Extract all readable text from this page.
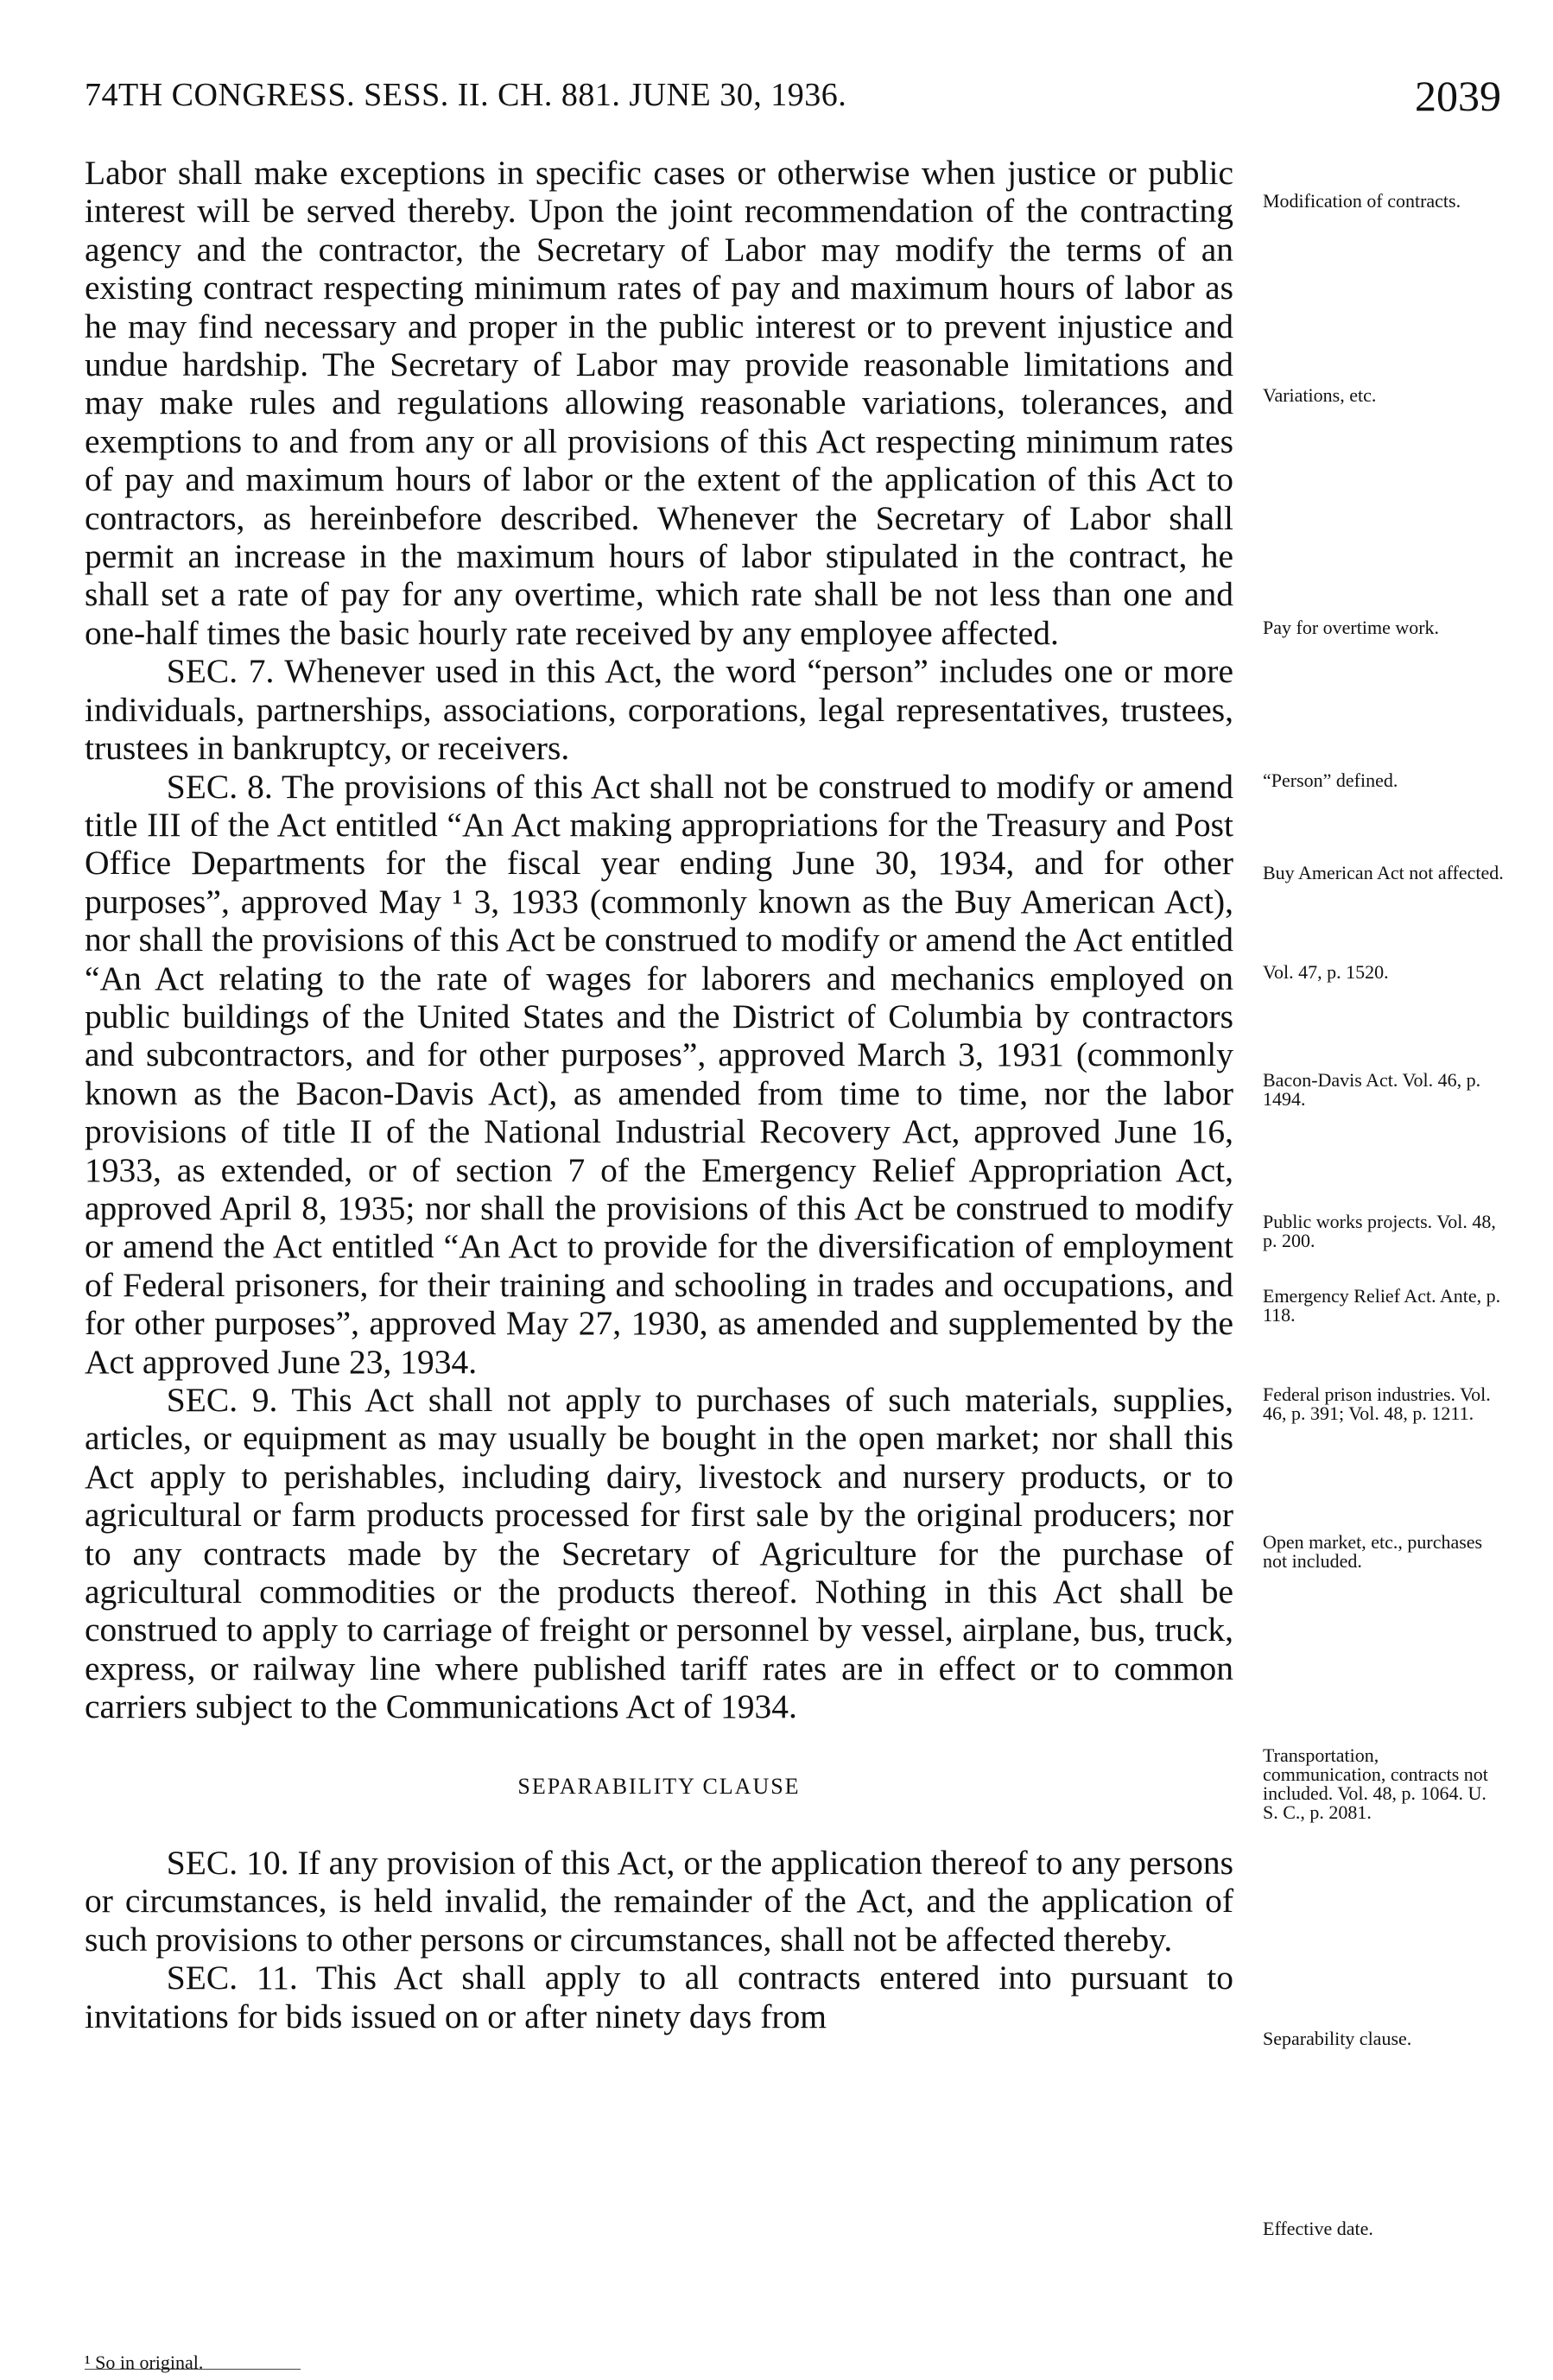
74TH CONGRESS. SESS. II. CH. 881. JUNE 30, 1936.	2039

Labor shall make exceptions in specific cases or otherwise when justice or public interest will be served thereby. Upon the joint recommendation of the contracting agency and the contractor, the Secretary of Labor may modify the terms of an existing contract respecting minimum rates of pay and maximum hours of labor as he may find necessary and proper in the public interest or to prevent injustice and undue hardship. The Secretary of Labor may provide reasonable limitations and may make rules and regulations allowing reasonable variations, tolerances, and exemptions to and from any or all provisions of this Act respecting minimum rates of pay and maximum hours of labor or the extent of the application of this Act to contractors, as hereinbefore described. Whenever the Secretary of Labor shall permit an increase in the maximum hours of labor stipulated in the contract, he shall set a rate of pay for any overtime, which rate shall be not less than one and one-half times the basic hourly rate received by any employee affected.

SEC. 7. Whenever used in this Act, the word “person” includes one or more individuals, partnerships, associations, corporations, legal representatives, trustees, trustees in bankruptcy, or receivers.

SEC. 8. The provisions of this Act shall not be construed to modify or amend title III of the Act entitled “An Act making appropriations for the Treasury and Post Office Departments for the fiscal year ending June 30, 1934, and for other purposes”, approved May ¹ 3, 1933 (commonly known as the Buy American Act), nor shall the provisions of this Act be construed to modify or amend the Act entitled “An Act relating to the rate of wages for laborers and mechanics employed on public buildings of the United States and the District of Columbia by contractors and subcontractors, and for other purposes”, approved March 3, 1931 (commonly known as the Bacon-Davis Act), as amended from time to time, nor the labor provisions of title II of the National Industrial Recovery Act, approved June 16, 1933, as extended, or of section 7 of the Emergency Relief Appropriation Act, approved April 8, 1935; nor shall the provisions of this Act be construed to modify or amend the Act entitled “An Act to provide for the diversification of employment of Federal prisoners, for their training and schooling in trades and occupations, and for other purposes”, approved May 27, 1930, as amended and supplemented by the Act approved June 23, 1934.

SEC. 9. This Act shall not apply to purchases of such materials, supplies, articles, or equipment as may usually be bought in the open market; nor shall this Act apply to perishables, including dairy, livestock and nursery products, or to agricultural or farm products processed for first sale by the original producers; nor to any contracts made by the Secretary of Agriculture for the purchase of agricultural commodities or the products thereof. Nothing in this Act shall be construed to apply to carriage of freight or personnel by vessel, airplane, bus, truck, express, or railway line where published tariff rates are in effect or to common carriers subject to the Communications Act of 1934.

SEPARABILITY CLAUSE

SEC. 10. If any provision of this Act, or the application thereof to any persons or circumstances, is held invalid, the remainder of the Act, and the application of such provisions to other persons or circumstances, shall not be affected thereby.

SEC. 11. This Act shall apply to all contracts entered into pursuant to invitations for bids issued on or after ninety days from

Modification of contracts.
Variations, etc.
Pay for overtime work.
“Person” defined.
Buy American Act not affected.
Vol. 47, p. 1520.
Bacon-Davis Act. Vol. 46, p. 1494.
Public works projects. Vol. 48, p. 200.
Emergency Relief Act. Ante, p. 118.
Federal prison industries. Vol. 46, p. 391; Vol. 48, p. 1211.
Open market, etc., purchases not included.
Transportation, communication, contracts not included. Vol. 48, p. 1064. U. S. C., p. 2081.
Separability clause.
Effective date.
¹ So in original.
